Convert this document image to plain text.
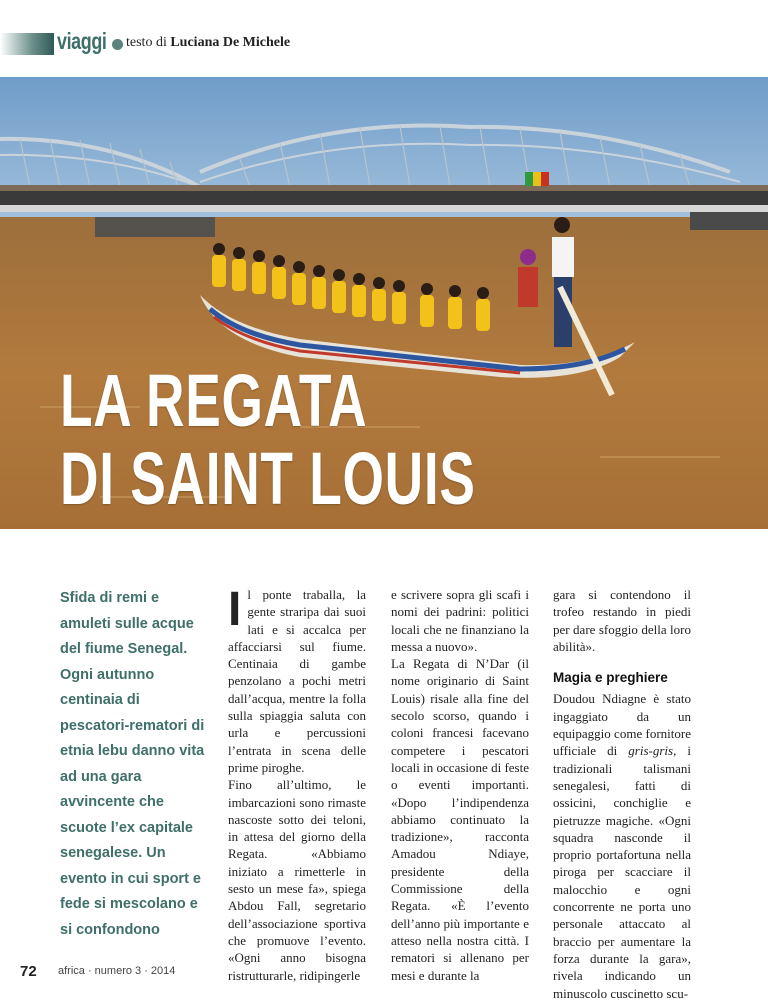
viaggi testo di Luciana De Michele
LA REGATA
DI SAINT LOUIS
Sfida di remi e amuleti sulle acque del fiume Senegal. Ogni autunno centinaia di pescatori-rematori di etnia lebu danno vita ad una gara avvincente che scuote l’ex capitale senegalese. Un evento in cui sport e fede si mescolano e si confondono

Il ponte traballa, la gente straripa dai suoi lati e si accalca per affacciarsi sul fiume. Centinaia di gambe penzolano a pochi metri dall’acqua, mentre la folla sulla spiaggia saluta con urla e percussioni l’entrata in scena delle prime piroghe.

Fino all’ultimo, le imbarcazioni sono rimaste nascoste sotto dei teloni, in attesa del giorno della Regata. «Abbiamo iniziato a rimetterle in sesto un mese fa», spiega Abdou Fall, segretario dell’associazione sportiva che promuove l’evento. «Ogni anno bisogna ristrutturarle, ridipingerle

e scrivere sopra gli scafi i nomi dei padrini: politici locali che ne finanziano la messa a nuovo».

La Regata di N’Dar (il nome originario di Saint Louis) risale alla fine del secolo scorso, quando i coloni francesi facevano competere i pescatori locali in occasione di feste o eventi importanti. «Dopo l’indipendenza abbiamo continuato la tradizione», racconta Amadou Ndiaye, presidente della Commissione della Regata. «È l’evento dell’anno più importante e atteso nella nostra città. I rematori si allenano per mesi e durante la

gara si contendono il trofeo restando in piedi per dare sfoggio della loro abilità».

Magia e preghiere

Doudou Ndiagne è stato ingaggiato da un equipaggio come fornitore ufficiale di gris-gris, i tradizionali talismani senegalesi, fatti di ossicini, conchiglie e pietruzze magiche. «Ogni squadra nasconde il proprio portafortuna nella piroga per scacciare il malocchio e ogni concorrente ne porta uno personale attaccato al braccio per aumentare la forza durante la gara», rivela indicando un minuscolo cuscinetto scu-

72 africa · numero 3 · 2014
